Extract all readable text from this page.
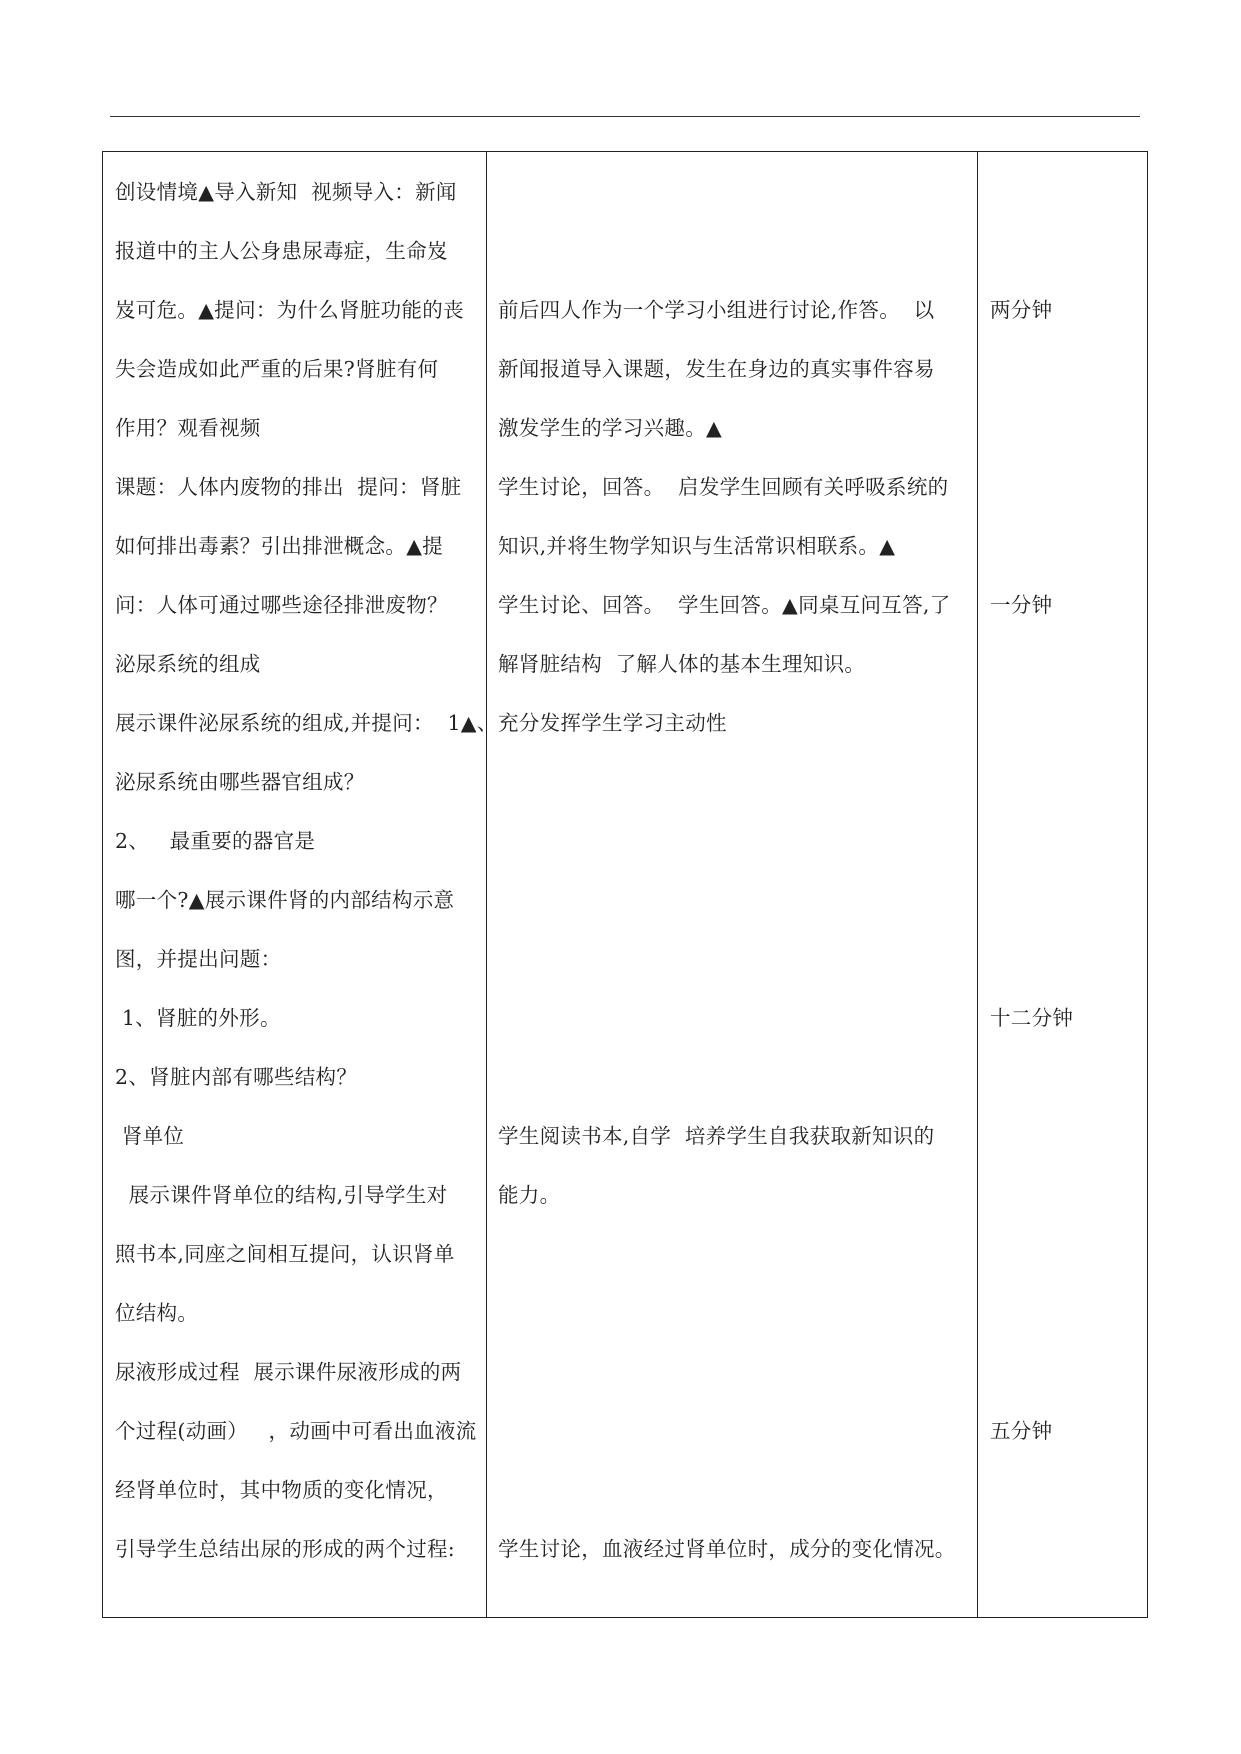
创设情境▲导入新知  视频导入：新闻
报道中的主人公身患尿毒症，生命岌
岌可危。▲提问：为什么肾脏功能的丧
失会造成如此严重的后果?肾脏有何
作用？观看视频
课题：人体内废物的排出  提问：肾脏
如何排出毒素？引出排泄概念。▲提
问：人体可通过哪些途径排泄废物？
泌尿系统的组成
展示课件泌尿系统的组成,并提问：  1▲、
泌尿系统由哪些器官组成？
2、   最重要的器官是
哪一个?▲展示课件肾的内部结构示意
图，并提出问题：
1、肾脏的外形。
2、肾脏内部有哪些结构？
肾单位
展示课件肾单位的结构,引导学生对
照书本,同座之间相互提问，认识肾单
位结构。
尿液形成过程  展示课件尿液形成的两
个过程(动画）   ，动画中可看出血液流
经肾单位时，其中物质的变化情况，
引导学生总结出尿的形成的两个过程:
前后四人作为一个学习小组进行讨论,作答。  以
新闻报道导入课题，发生在身边的真实事件容易
激发学生的学习兴趣。▲
学生讨论，回答。  启发学生回顾有关呼吸系统的
知识,并将生物学知识与生活常识相联系。▲
学生讨论、回答。  学生回答。▲同桌互问互答,了
解肾脏结构  了解人体的基本生理知识。
充分发挥学生学习主动性
学生阅读书本,自学  培养学生自我获取新知识的
能力。
学生讨论，血液经过肾单位时，成分的变化情况。
两分钟
一分钟
十二分钟
五分钟
